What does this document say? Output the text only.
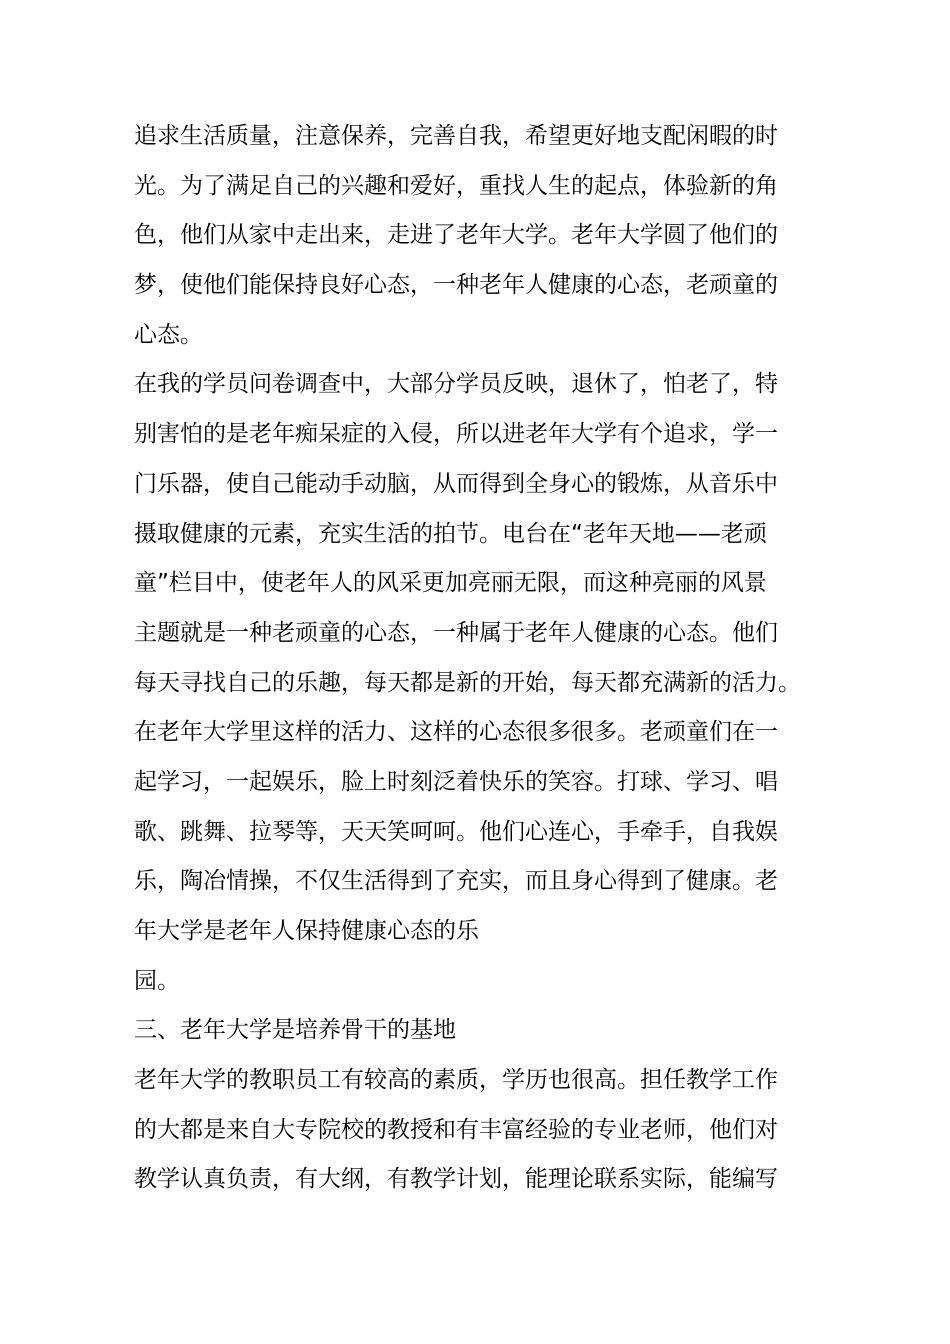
追求生活质量，注意保养，完善自我，希望更好地支配闲暇的时
光。为了满足自己的兴趣和爱好，重找人生的起点，体验新的角
色，他们从家中走出来，走进了老年大学。老年大学圆了他们的
梦，使他们能保持良好心态，一种老年人健康的心态，老顽童的
心态。
在我的学员问卷调查中，大部分学员反映，退休了，怕老了，特
别害怕的是老年痴呆症的入侵，所以进老年大学有个追求，学一
门乐器，使自己能动手动脑，从而得到全身心的锻炼，从音乐中
摄取健康的元素，充实生活的拍节。电台在“老年天地——老顽
童”栏目中，使老年人的风采更加亮丽无限，而这种亮丽的风景
主题就是一种老顽童的心态，一种属于老年人健康的心态。他们
每天寻找自己的乐趣，每天都是新的开始，每天都充满新的活力。
在老年大学里这样的活力、这样的心态很多很多。老顽童们在一
起学习，一起娱乐，脸上时刻泛着快乐的笑容。打球、学习、唱
歌、跳舞、拉琴等，天天笑呵呵。他们心连心，手牵手，自我娱
乐，陶冶情操，不仅生活得到了充实，而且身心得到了健康。老
年大学是老年人保持健康心态的乐
园。
三、老年大学是培养骨干的基地
老年大学的教职员工有较高的素质，学历也很高。担任教学工作
的大都是来自大专院校的教授和有丰富经验的专业老师，他们对
教学认真负责，有大纲，有教学计划，能理论联系实际，能编写
